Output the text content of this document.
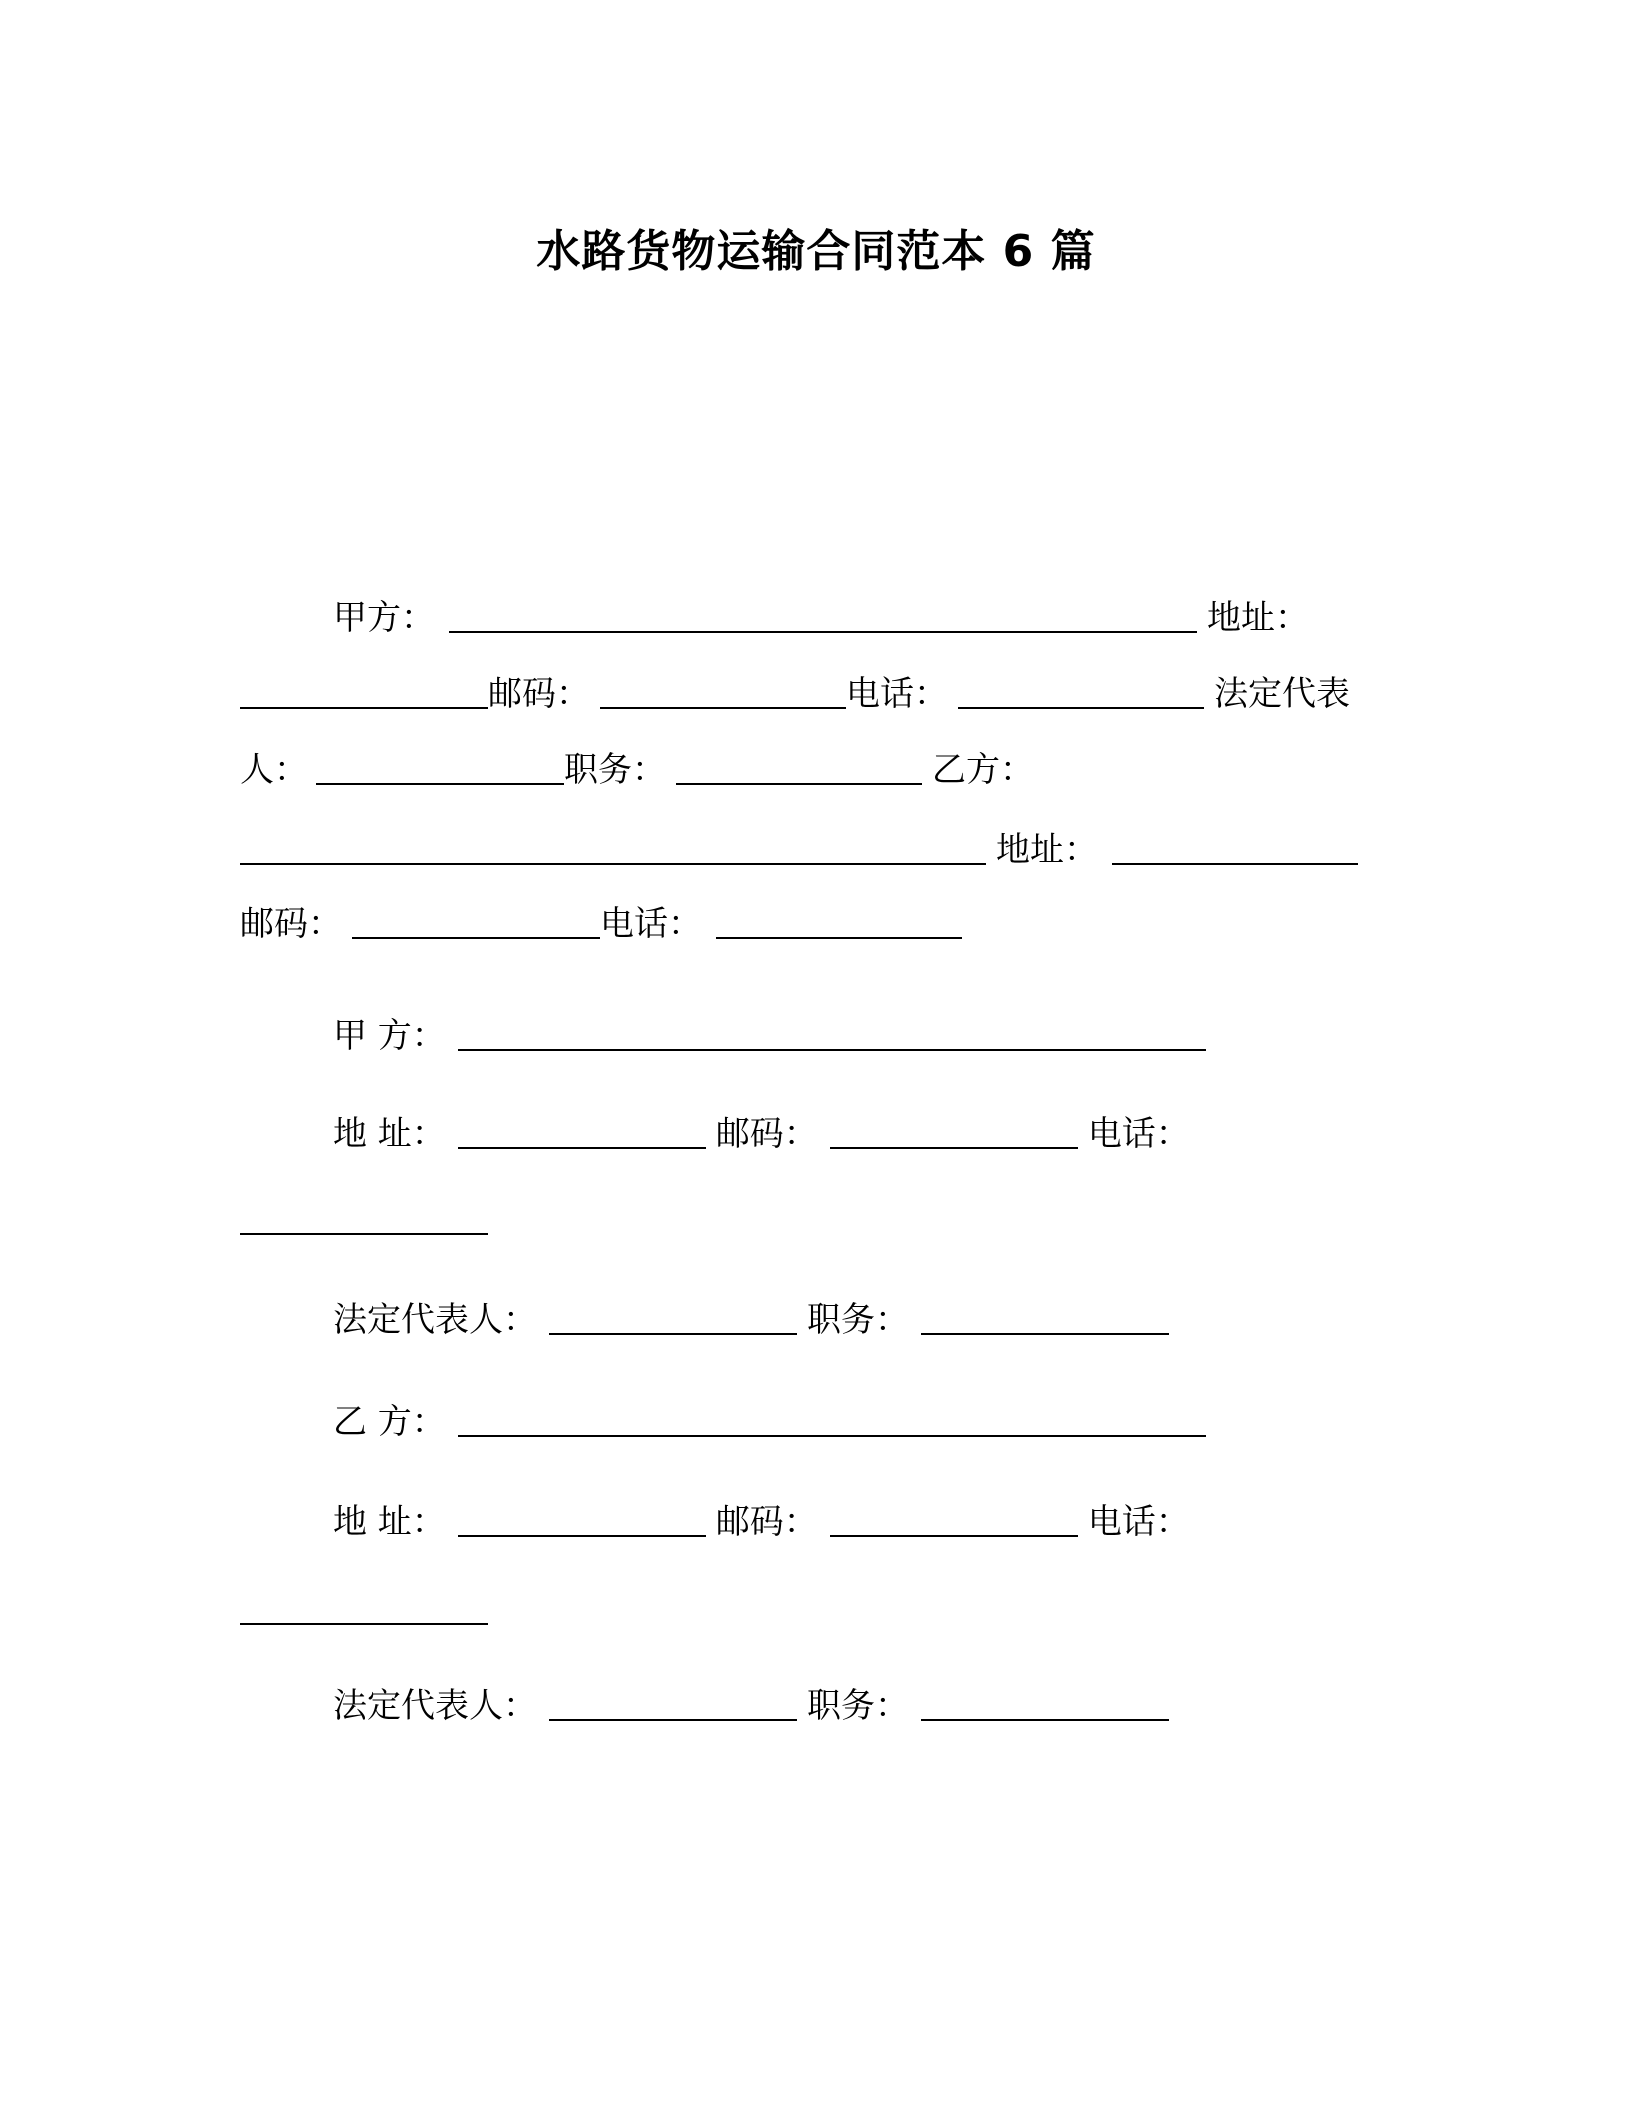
水路货物运输合同范本 6 篇
甲方：	地址：
邮码：	电话：	法定代表
人：	职务：	乙方：
地址：
邮码：	电话：
甲 方：
地 址：	邮码：	电话：
法定代表人：	职务：
乙 方：
地 址：	邮码：	电话：
法定代表人：	职务：
